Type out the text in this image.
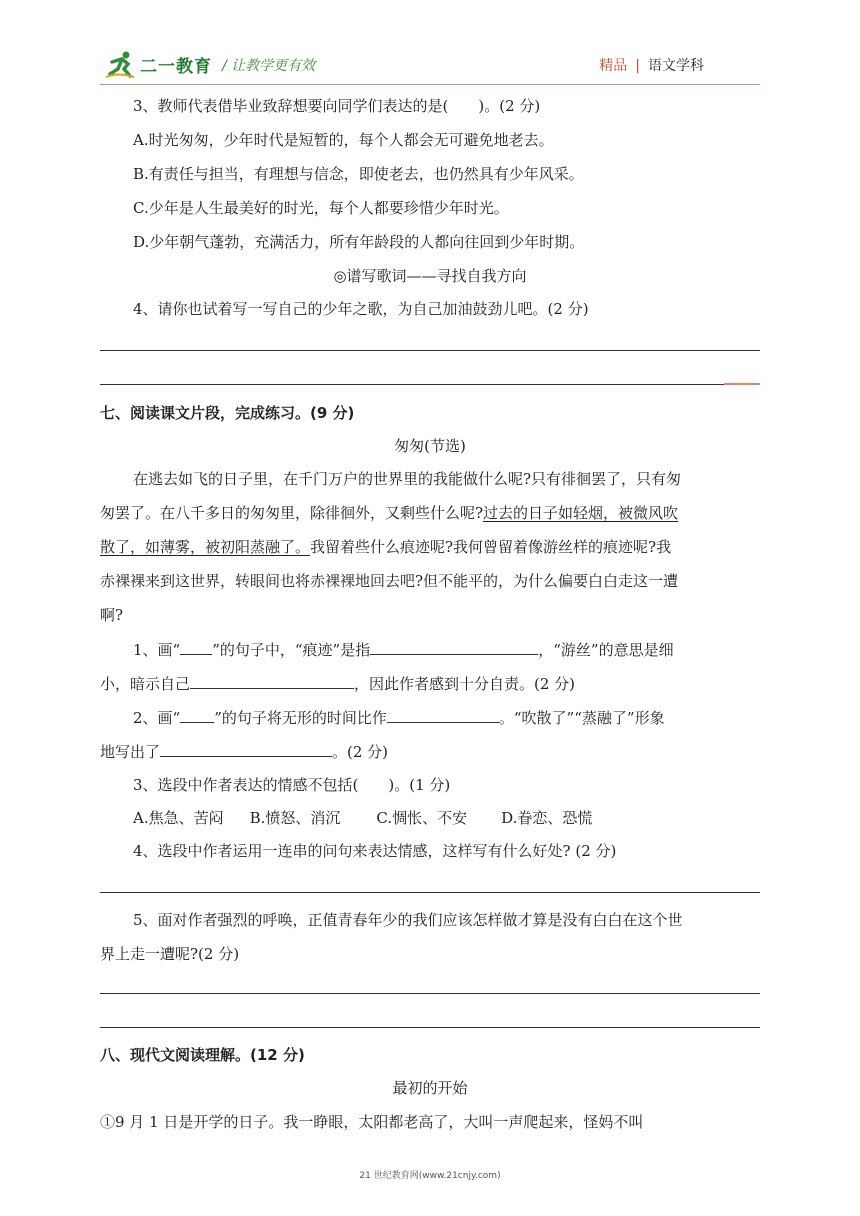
二一教育 / 让教学更有效	精品 | 语文学科
3、教师代表借毕业致辞想要向同学们表达的是(　　)。(2 分)
A.时光匆匆，少年时代是短暂的，每个人都会无可避免地老去。
B.有责任与担当，有理想与信念，即使老去，也仍然具有少年风采。
C.少年是人生最美好的时光，每个人都要珍惜少年时光。
D.少年朝气蓬勃，充满活力，所有年龄段的人都向往回到少年时期。
◎谱写歌词——寻找自我方向
4、请你也试着写一写自己的少年之歌，为自己加油鼓劲儿吧。(2 分)
七、阅读课文片段，完成练习。(9 分)
匆匆(节选)
在逃去如飞的日子里，在千门万户的世界里的我能做什么呢?只有徘徊罢了，只有匆
匆罢了。在八千多日的匆匆里，除徘徊外，又剩些什么呢?过去的日子如轻烟，被微风吹
散了，如薄雾，被初阳蒸融了。我留着些什么痕迹呢?我何曾留着像游丝样的痕迹呢?我
赤裸裸来到这世界，转眼间也将赤裸裸地回去吧?但不能平的，为什么偏要白白走这一遭
啊?
1、画“ ”的句子中，“痕迹”是指	，“游丝”的意思是细
小，暗示自己	，因此作者感到十分自责。(2 分)
2、画“ ”的句子将无形的时间比作	。“吹散了”“蒸融了”形象
地写出了	。(2 分)
3、选段中作者表达的情感不包括(　　)。(1 分)
A.焦急、苦闷 B.愤怒、消沉 C.惆怅、不安 D.眷恋、恐慌
4、选段中作者运用一连串的问句来表达情感，这样写有什么好处? (2 分)
5、面对作者强烈的呼唤，正值青春年少的我们应该怎样做才算是没有白白在这个世
界上走一遭呢?(2 分)
八、现代文阅读理解。(12 分)
最初的开始
①9 月 1 日是开学的日子。我一睁眼，太阳都老高了，大叫一声爬起来，怪妈不叫
21 世纪教育网(www.21cnjy.com)
